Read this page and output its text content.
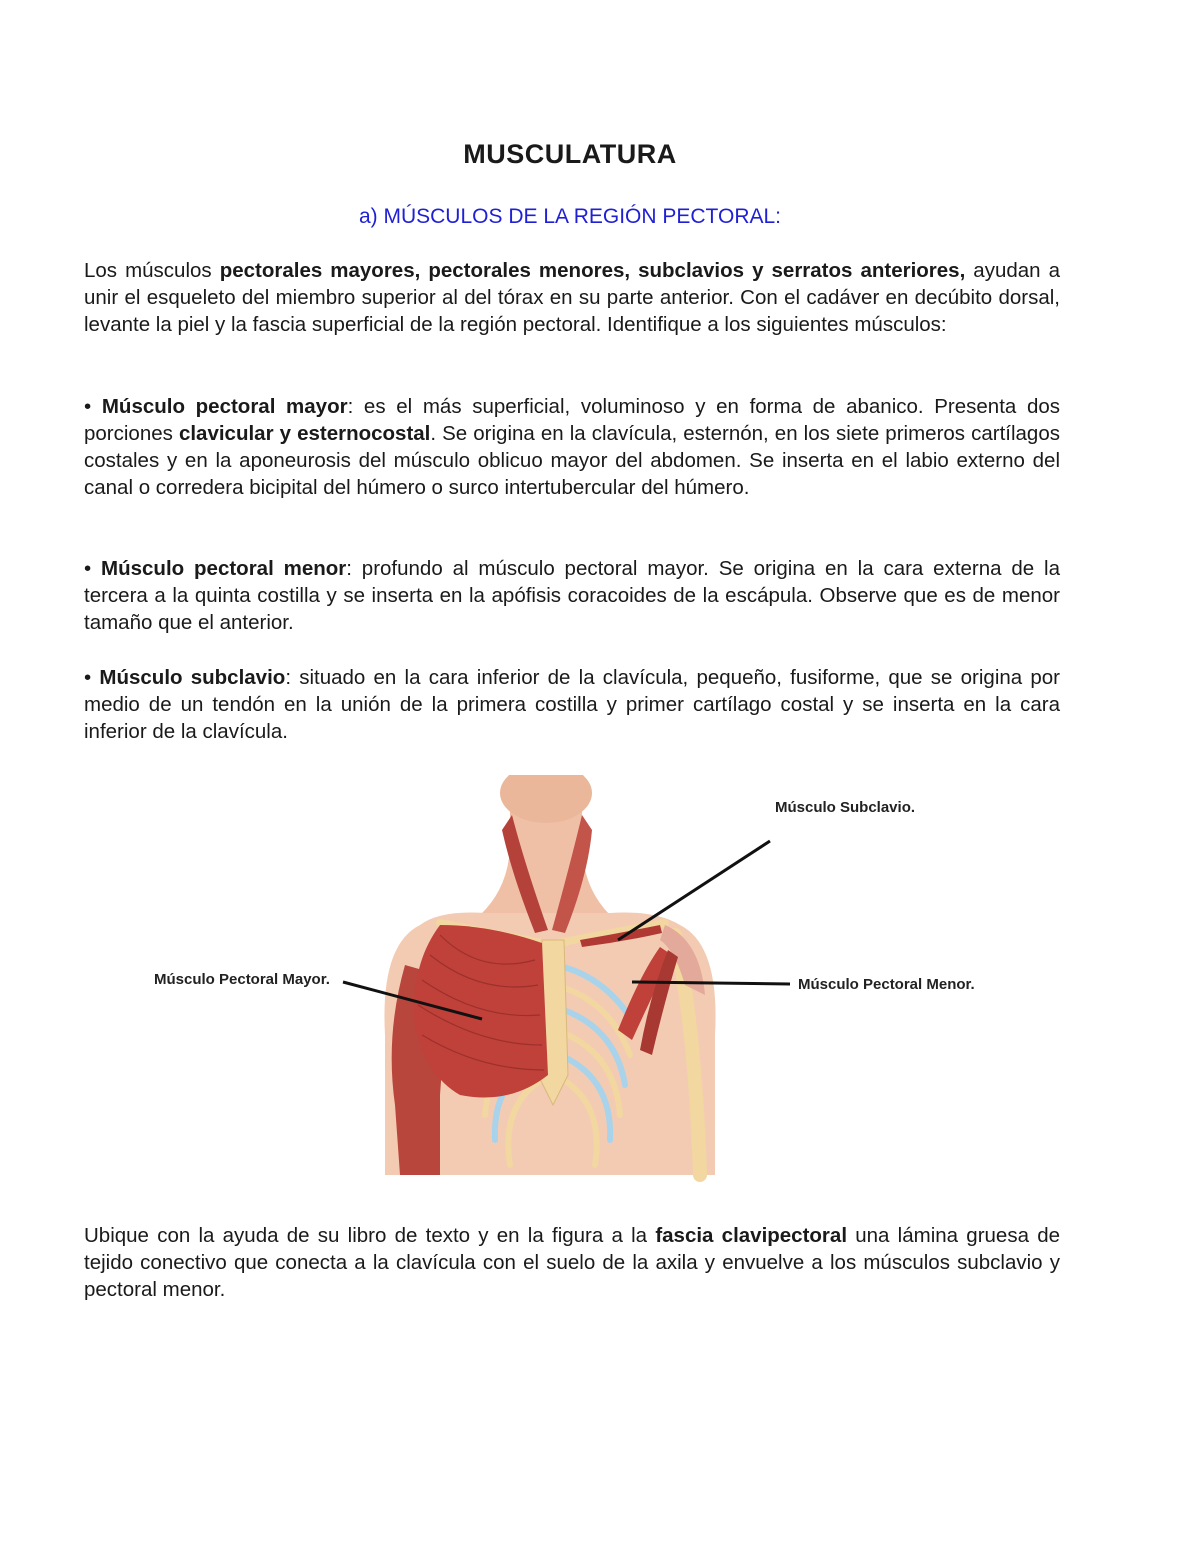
MUSCULATURA
a) MÚSCULOS DE LA REGIÓN PECTORAL:

Los músculos pectorales mayores, pectorales menores, subclavios y serratos anteriores, ayudan a unir el esqueleto del miembro superior al del tórax en su parte anterior. Con el cadáver en decúbito dorsal, levante la piel y la fascia superficial de la región pectoral. Identifique a los siguientes músculos:

• Músculo pectoral mayor: es el más superficial, voluminoso y en forma de abanico. Presenta dos porciones clavicular y esternocostal. Se origina en la clavícula, esternón, en los siete primeros cartílagos costales y en la aponeurosis del músculo oblicuo mayor del abdomen. Se inserta en el labio externo del canal o corredera bicipital del húmero o surco intertubercular del húmero.

• Músculo pectoral menor: profundo al músculo pectoral mayor. Se origina en la cara externa de la tercera a la quinta costilla y se inserta en la apófisis coracoides de la escápula. Observe que es de menor tamaño que el anterior.

• Músculo subclavio: situado en la cara inferior de la clavícula, pequeño, fusiforme, que se origina por medio de un tendón en la unión de la primera costilla y primer cartílago costal y se inserta en la cara inferior de la clavícula.

Músculo Subclavio.
Músculo Pectoral Mayor.	Músculo Pectoral Menor.

Ubique con la ayuda de su libro de texto y en la figura a la fascia clavipectoral una lámina gruesa de tejido conectivo que conecta a la clavícula con el suelo de la axila y envuelve a los músculos subclavio y pectoral menor.
